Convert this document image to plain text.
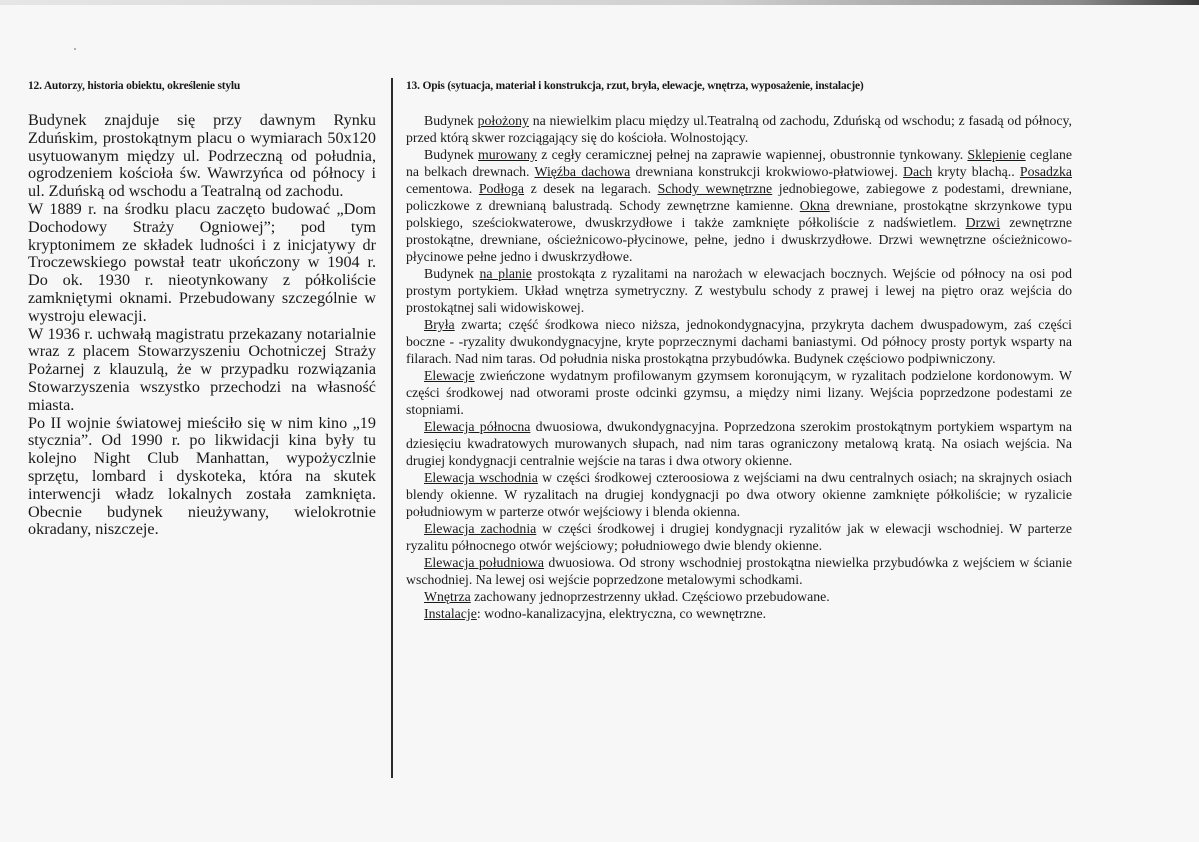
12. Autorzy, historia obiektu, określenie stylu

Budynek znajduje się przy dawnym Rynku Zduńskim, prostokątnym placu o wymiarach 50x120 usytuowanym między ul. Podrzeczną od południa, ogrodzeniem kościoła św. Wawrzyńca od północy i ul. Zduńską od wschodu a Teatralną od zachodu.

W 1889 r. na środku placu zaczęto budować „Dom Dochodowy Straży Ogniowej”; pod tym kryptonimem ze składek ludności i z inicjatywy dr Troczewskiego powstał teatr ukończony w 1904 r. Do ok. 1930 r. nieotynkowany z półkoliście zamkniętymi oknami. Przebudowany szczególnie w wystroju elewacji.

W 1936 r. uchwałą magistratu przekazany notarialnie wraz z placem Stowarzyszeniu Ochotniczej Straży Pożarnej z klauzulą, że w przypadku rozwiązania Stowarzyszenia wszystko przechodzi na własność miasta.

Po II wojnie światowej mieściło się w nim kino „19 stycznia”. Od 1990 r. po likwidacji kina były tu kolejno Night Club Manhattan, wypożyczlnie sprzętu, lombard i dyskoteka, która na skutek interwencji władz lokalnych została zamknięta. Obecnie budynek nieużywany, wielokrotnie okradany, niszczeje.

13. Opis (sytuacja, materiał i konstrukcja, rzut, bryła, elewacje, wnętrza, wyposażenie, instalacje)

Budynek położony na niewielkim placu między ul.Teatralną od zachodu, Zduńską od wschodu; z fasadą od północy, przed którą skwer rozciągający się do kościoła. Wolnostojący.

Budynek murowany z cegły ceramicznej pełnej na zaprawie wapiennej, obustronnie tynkowany. Sklepienie ceglane na belkach drewnach. Więźba dachowa drewniana konstrukcji krokwiowo-płatwiowej. Dach kryty blachą.. Posadzka cementowa. Podłoga z desek na legarach. Schody wewnętrzne jednobiegowe, zabiegowe z podestami, drewniane, policzkowe z drewnianą balustradą. Schody zewnętrzne kamienne. Okna drewniane, prostokątne skrzynkowe typu polskiego, sześciokwaterowe, dwuskrzydłowe i także zamknięte półkoliście z nadświetlem. Drzwi zewnętrzne prostokątne, drewniane, ościeżnicowo-płycinowe, pełne, jedno i dwuskrzydłowe. Drzwi wewnętrzne ościeżnicowo-płycinowe pełne jedno i dwuskrzydłowe.

Budynek na planie prostokąta z ryzalitami na narożach w elewacjach bocznych. Wejście od północy na osi pod prostym portykiem. Układ wnętrza symetryczny. Z westybulu schody z prawej i lewej na piętro oraz wejścia do prostokątnej sali widowiskowej.

Bryła zwarta; część środkowa nieco niższa, jednokondygnacyjna, przykryta dachem dwuspadowym, zaś części boczne - -ryzality dwukondygnacyjne, kryte poprzecznymi dachami baniastymi. Od północy prosty portyk wsparty na filarach. Nad nim taras. Od południa niska prostokątna przybudówka. Budynek częściowo podpiwniczony.

Elewacje zwieńczone wydatnym profilowanym gzymsem koronującym, w ryzalitach podzielone kordonowym. W części środkowej nad otworami proste odcinki gzymsu, a między nimi lizany. Wejścia poprzedzone podestami ze stopniami.

Elewacja północna dwuosiowa, dwukondygnacyjna. Poprzedzona szerokim prostokątnym portykiem wspartym na dziesięciu kwadratowych murowanych słupach, nad nim taras ograniczony metalową kratą. Na osiach wejścia. Na drugiej kondygnacji centralnie wejście na taras i dwa otwory okienne.

Elewacja wschodnia w części środkowej czteroosiowa z wejściami na dwu centralnych osiach; na skrajnych osiach blendy okienne. W ryzalitach na drugiej kondygnacji po dwa otwory okienne zamknięte półkoliście; w ryzalicie południowym w parterze otwór wejściowy i blenda okienna.

Elewacja zachodnia w części środkowej i drugiej kondygnacji ryzalitów jak w elewacji wschodniej. W parterze ryzalitu północnego otwór wejściowy; południowego dwie blendy okienne.

Elewacja południowa dwuosiowa. Od strony wschodniej prostokątna niewielka przybudówka z wejściem w ścianie wschodniej. Na lewej osi wejście poprzedzone metalowymi schodkami.

Wnętrza zachowany jednoprzestrzenny układ. Częściowo przebudowane.

Instalacje: wodno-kanalizacyjna, elektryczna, co wewnętrzne.
